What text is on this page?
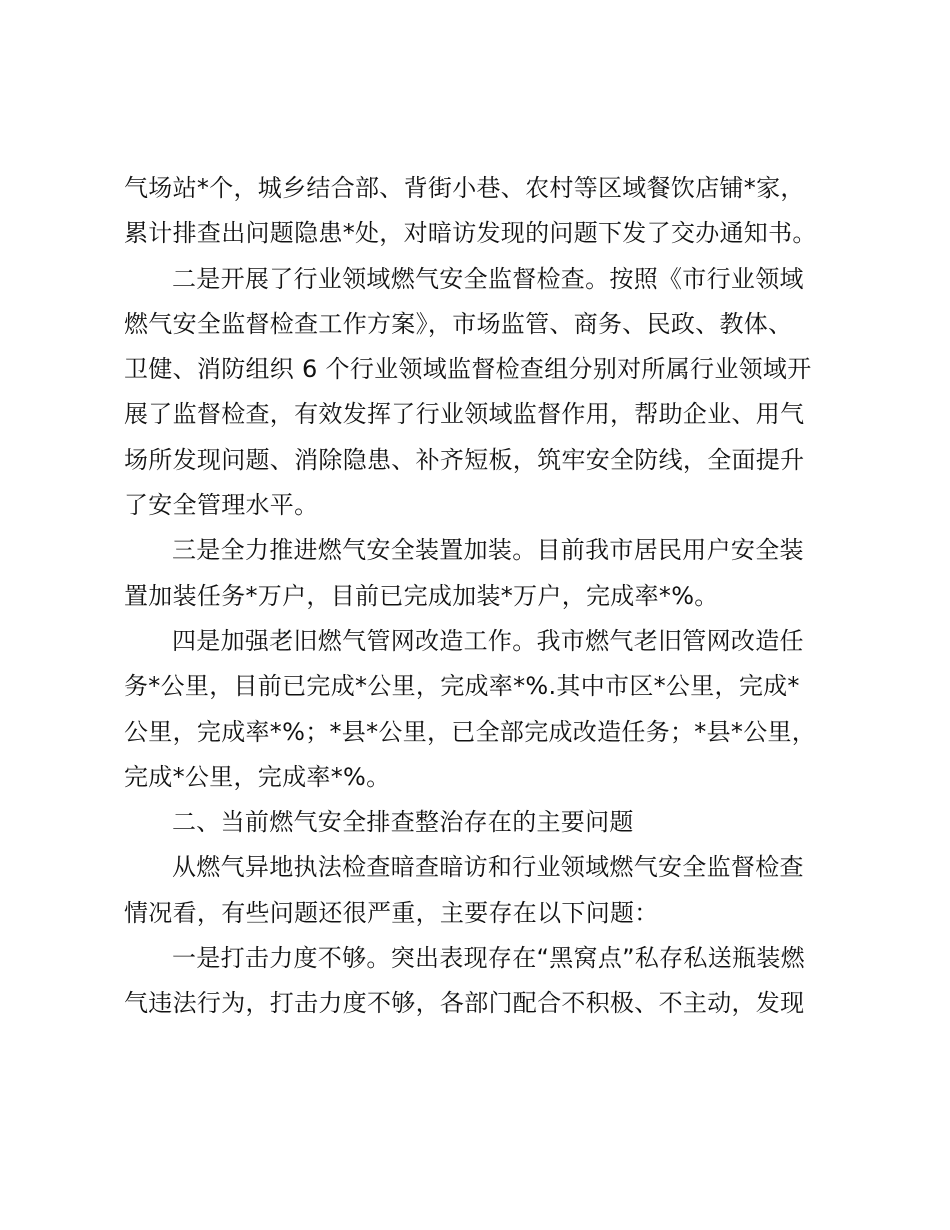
气场站*个，城乡结合部、背街小巷、农村等区域餐饮店铺*家，
累计排查出问题隐患*处，对暗访发现的问题下发了交办通知书。
二是开展了行业领域燃气安全监督检查。按照《市行业领域
燃气安全监督检查工作方案》，市场监管、商务、民政、教体、
卫健、消防组织 6 个行业领域监督检查组分别对所属行业领域开
展了监督检查，有效发挥了行业领域监督作用，帮助企业、用气
场所发现问题、消除隐患、补齐短板，筑牢安全防线，全面提升
了安全管理水平。
三是全力推进燃气安全装置加装。目前我市居民用户安全装
置加装任务*万户，目前已完成加装*万户，完成率*%。
四是加强老旧燃气管网改造工作。我市燃气老旧管网改造任
务*公里，目前已完成*公里，完成率*%.其中市区*公里，完成*
公里，完成率*%；*县*公里，已全部完成改造任务；*县*公里，
完成*公里，完成率*%。
二、当前燃气安全排查整治存在的主要问题
从燃气异地执法检查暗查暗访和行业领域燃气安全监督检查
情况看，有些问题还很严重，主要存在以下问题：
一是打击力度不够。突出表现存在“黑窝点”私存私送瓶装燃
气违法行为，打击力度不够，各部门配合不积极、不主动，发现
